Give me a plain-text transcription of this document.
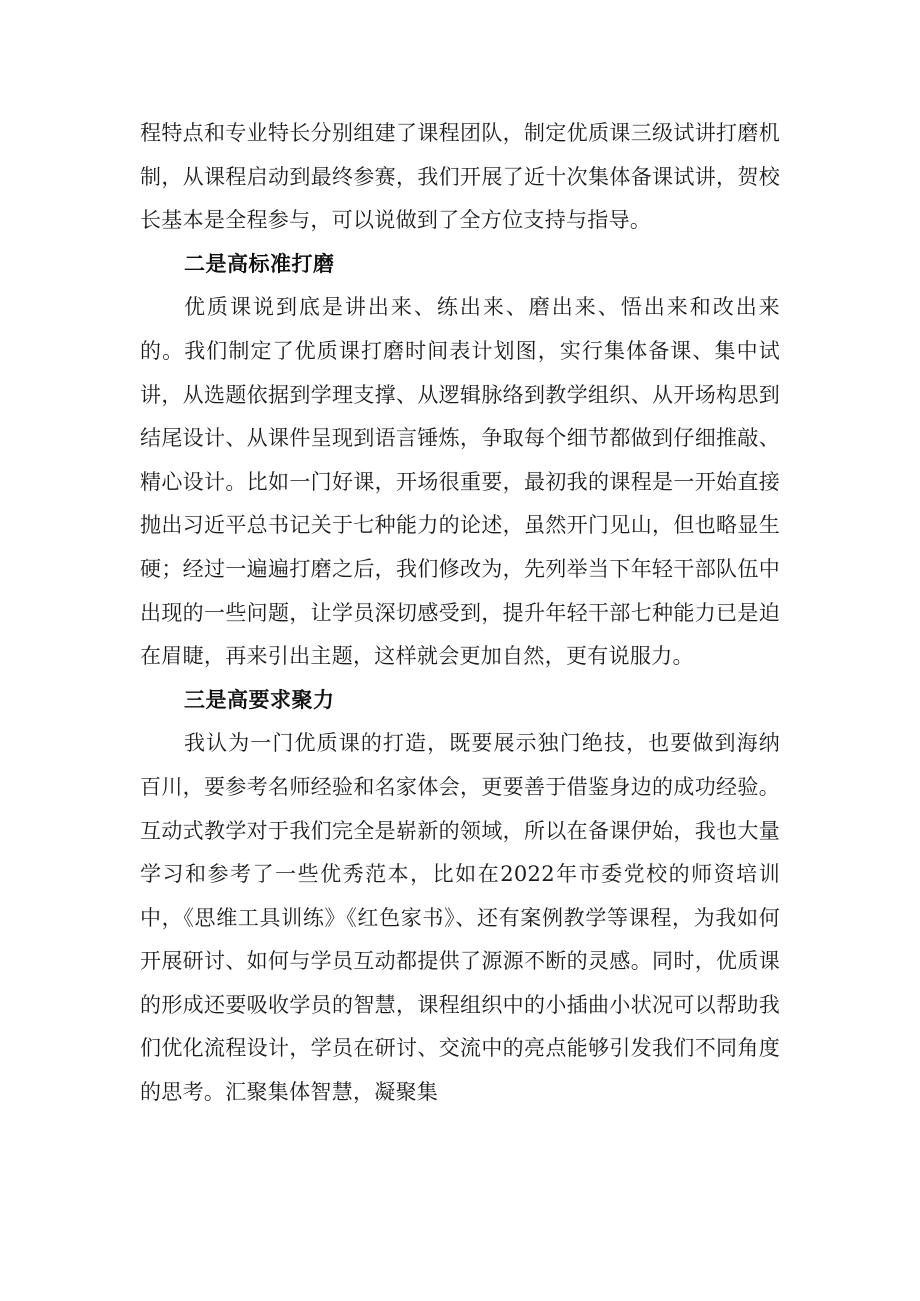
程特点和专业特长分别组建了课程团队，制定优质课三级试讲打磨机制，从课程启动到最终参赛，我们开展了近十次集体备课试讲，贺校长基本是全程参与，可以说做到了全方位支持与指导。

二是高标准打磨

优质课说到底是讲出来、练出来、磨出来、悟出来和改出来的。我们制定了优质课打磨时间表计划图，实行集体备课、集中试讲，从选题依据到学理支撑、从逻辑脉络到教学组织、从开场构思到结尾设计、从课件呈现到语言锤炼，争取每个细节都做到仔细推敲、精心设计。比如一门好课，开场很重要，最初我的课程是一开始直接抛出习近平总书记关于七种能力的论述，虽然开门见山，但也略显生硬；经过一遍遍打磨之后，我们修改为，先列举当下年轻干部队伍中出现的一些问题，让学员深切感受到，提升年轻干部七种能力已是迫在眉睫，再来引出主题，这样就会更加自然，更有说服力。

三是高要求聚力

我认为一门优质课的打造，既要展示独门绝技，也要做到海纳百川，要参考名师经验和名家体会，更要善于借鉴身边的成功经验。互动式教学对于我们完全是崭新的领域，所以在备课伊始，我也大量学习和参考了一些优秀范本，比如在2022年市委党校的师资培训中，《思维工具训练》《红色家书》、还有案例教学等课程，为我如何开展研讨、如何与学员互动都提供了源源不断的灵感。同时，优质课的形成还要吸收学员的智慧，课程组织中的小插曲小状况可以帮助我们优化流程设计，学员在研讨、交流中的亮点能够引发我们不同角度的思考。汇聚集体智慧，凝聚集
